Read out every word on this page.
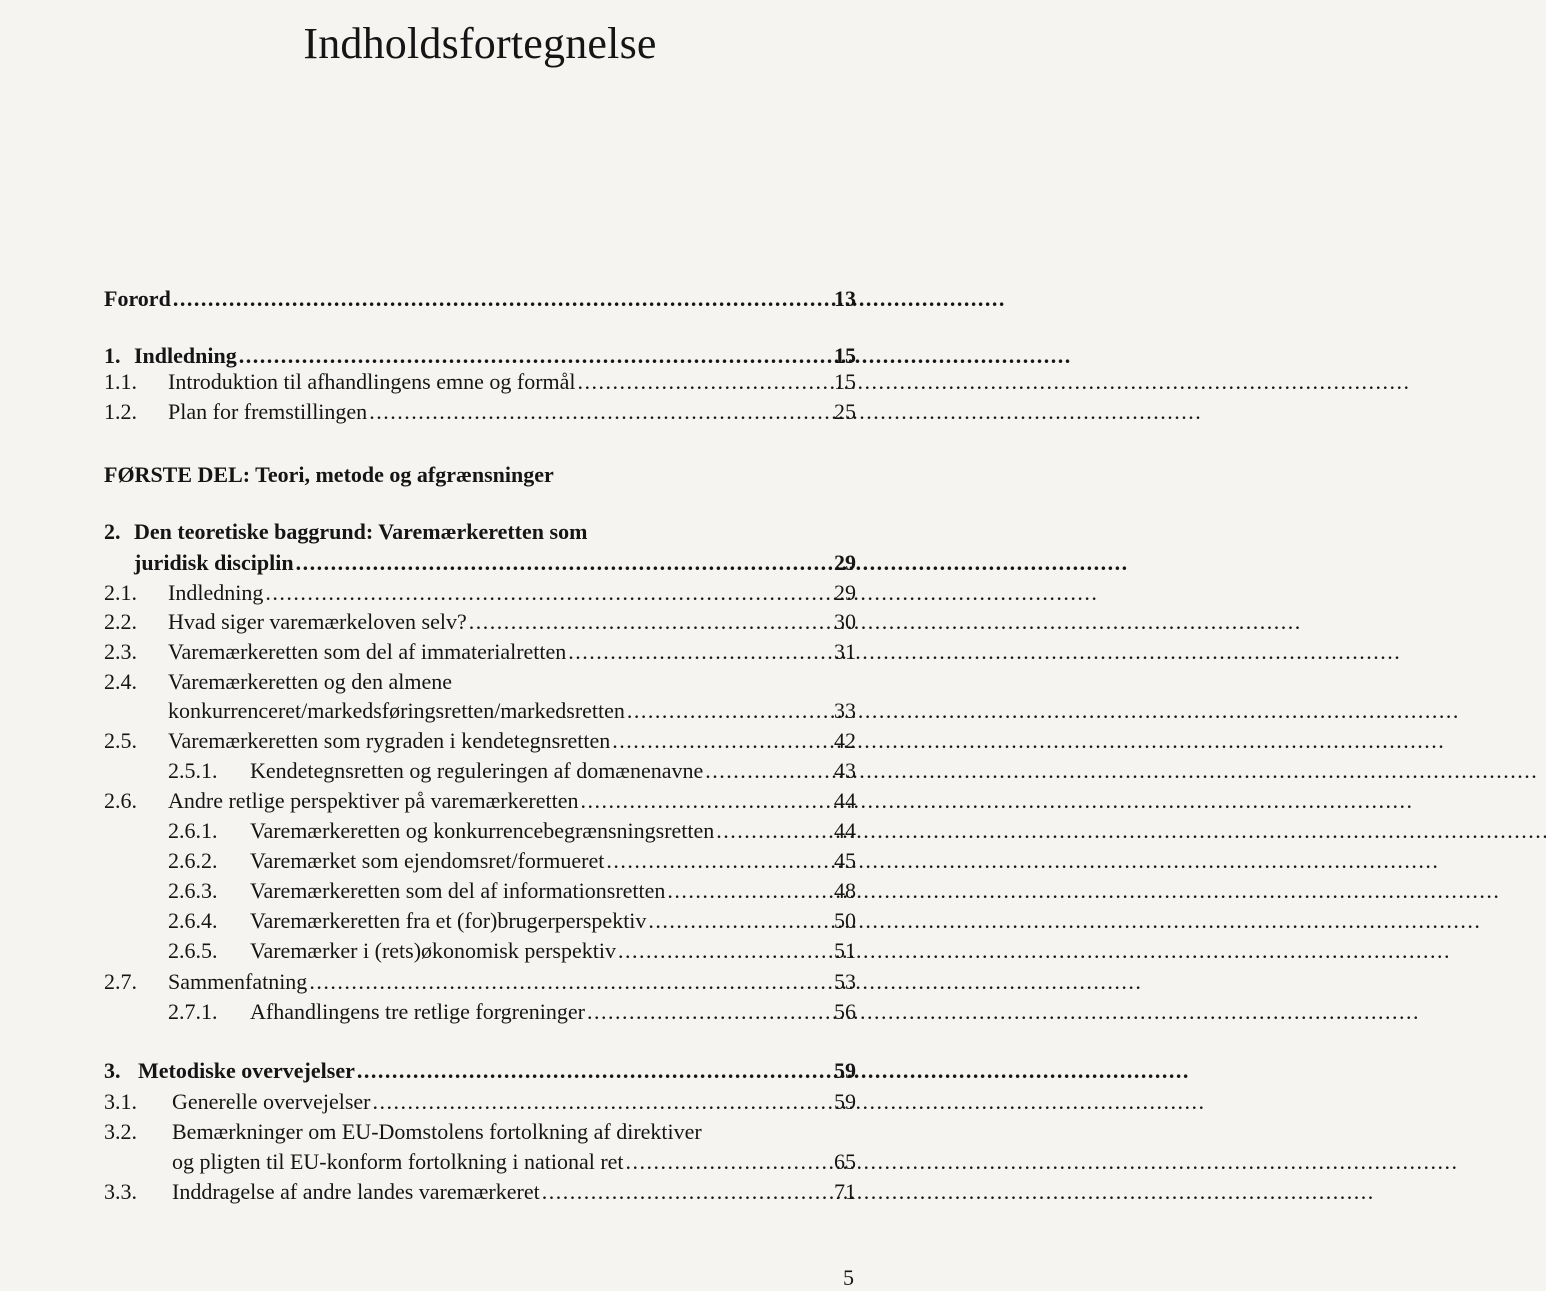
Indholdsfortegnelse
Forord . . .	13
1. Indledning . . .	15
1.1.	Introduktion til afhandlingens emne og formål . . .	15
1.2.	Plan for fremstillingen . . .	25
FØRSTE DEL: Teori, metode og afgrænsninger
2. Den teoretiske baggrund: Varemærkeretten som
juridisk disciplin . . .	29
2.1.	Indledning . . .	29
2.2.	Hvad siger varemærkeloven selv? . . .	30
2.3.	Varemærkeretten som del af immaterialretten . . .	31
2.4.	Varemærkeretten og den almene
konkurrenceret/markedsføringsretten/markedsretten . . .	33
2.5.	Varemærkeretten som rygraden i kendetegnsretten . . .	42
2.5.1.	Kendetegnsretten og reguleringen af domænenavne . . .	43
2.6.	Andre retlige perspektiver på varemærkeretten . . .	44
2.6.1.	Varemærkeretten og konkurrencebegrænsningsretten . . .	44
2.6.2.	Varemærket som ejendomsret/formueret . . .	45
2.6.3.	Varemærkeretten som del af informationsretten . . .	48
2.6.4.	Varemærkeretten fra et (for)brugerperspektiv . . .	50
2.6.5.	Varemærker i (rets)økonomisk perspektiv . . .	51
2.7.	Sammenfatning . . .	53
2.7.1.	Afhandlingens tre retlige forgreninger . . .	56
3. Metodiske overvejelser . . .	59
3.1.	Generelle overvejelser . . .	59
3.2.	Bemærkninger om EU-Domstolens fortolkning af direktiver
og pligten til EU-konform fortolkning i national ret . . .	65
3.3.	Inddragelse af andre landes varemærkeret . . .	71
5
